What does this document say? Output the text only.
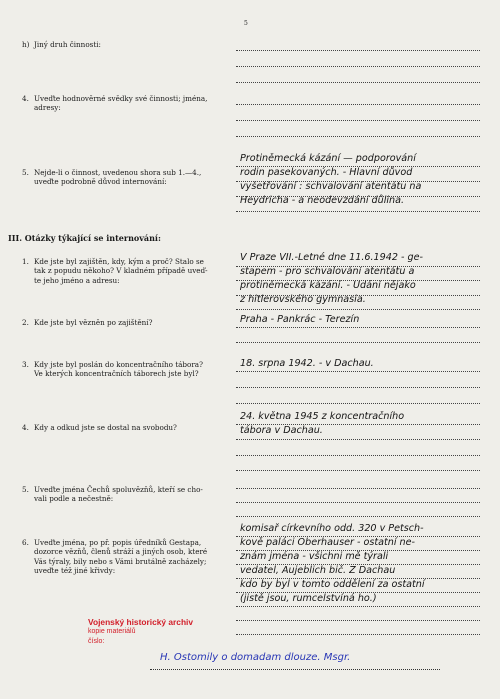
5
h) Jiný druh činnosti:
4. Uveďte hodnověrné svědky své činnosti; jména,
adresy:
5. Nejde-li o činnost, uvedenou shora sub 1.—4.,
uveďte podrobně důvod internování:
Protiněmecká kázání — podporování
rodin pasekovaných. - Hlavní důvod
vyšetřování : schvalování atentátu na
Heydricha - a neodevzdání důlina.
III. Otázky týkající se internování:
1. Kde jste byl zajištěn, kdy, kým a proč? Stalo se
tak z popudu někoho? V kladném případě uveď-
te jeho jméno a adresu:
V Praze VII.-Letné dne 11.6.1942 - ge-
stapem - pro schvalování atentátu a
protiněmecká kázání. - Udání nějako
z hitlerovského gymnasia.
2. Kde jste byl vězněn po zajištění?	Praha - Pankrác - Terezín
3. Kdy jste byl poslán do koncentračního tábora?
Ve kterých koncentračních táborech jste byl?
18. srpna 1942. - v Dachau.
4. Kdy a odkud jste se dostal na svobodu?
24. května 1945 z koncentračního
tábora v Dachau.
5. Uveďte jména Čechů spoluvězňů, kteří se cho-
vali podle a nečestně:
6. Uveďte jména, po př. popis úředníků Gestapa,
dozorce vězňů, členů stráží a jiných osob, které
Vás týraly, bily nebo s Vámi brutálně zacházely;
uveďte též jiné křivdy:
komisař církevního odd. 320 v Petsch-
kově paláci Oberhauser - ostatní ne-
znám jména - všichni mě týrali
vedatel, Aujeblich bič. Z Dachau
kdo by byl v tomto oddělení za ostatní
(jistě jsou, rumcelstvíná ho.)
Vojenský historický archiv
kopie materiálů
číslo:
H. Ostomily o domadam dlouze. Msgr.
